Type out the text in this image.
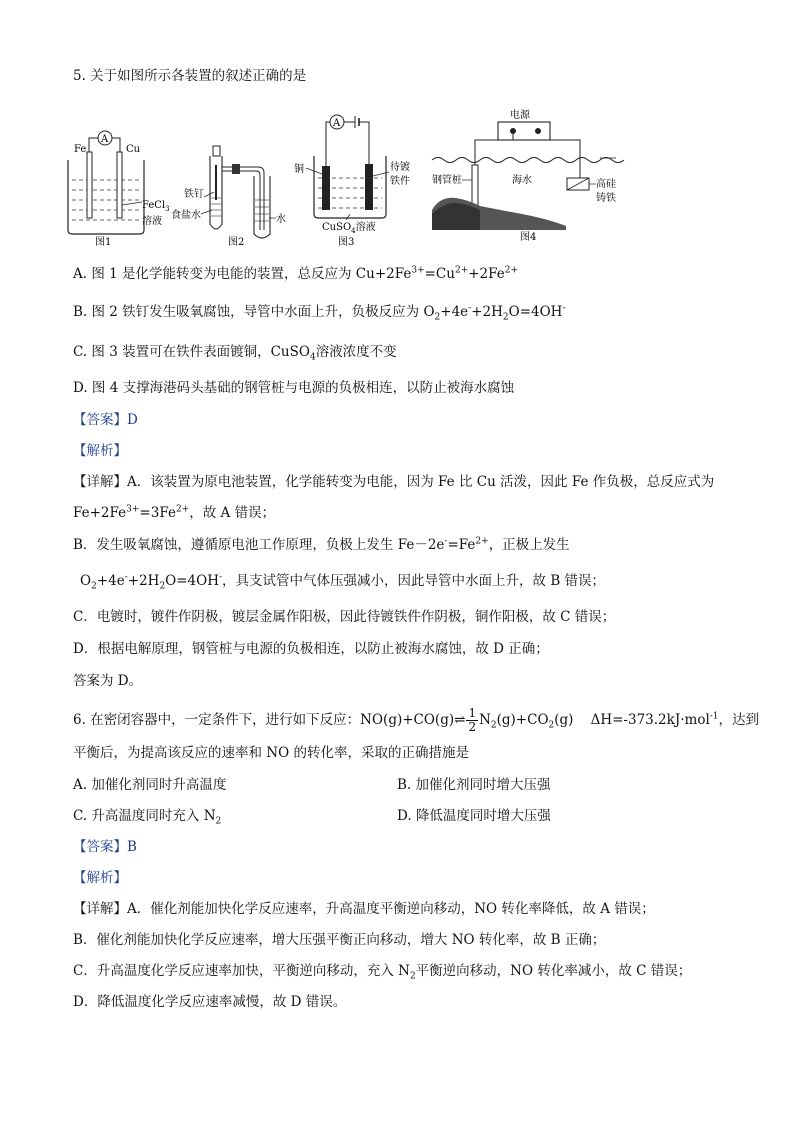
5. 关于如图所示各装置的叙述正确的是
A
Fe	Cu
FeCl$_3$
溶液
图1
铁钉
食盐水	水
图2
A
铜	待镀
铁件
CuSO$_4$溶液
图3
电源
钢管桩	海水	高硅
铸铁
图4
A. 图 1 是化学能转变为电能的装置，总反应为 $Cu+2Fe^{3+}=Cu^{2+}+2Fe^{2+}$
B. 图 2 铁钉发生吸氧腐蚀，导管中水面上升，负极反应为 $O_2+4e^-+2H_2O=4OH^-$
C. 图 3 装置可在铁件表面镀铜，CuSO$_4$溶液浓度不变
D. 图 4 支撑海港码头基础的钢管桩与电源的负极相连，以防止被海水腐蚀
【答案】D
【解析】
【详解】A．该装置为原电池装置，化学能转变为电能，因为 Fe 比 Cu 活泼，因此 Fe 作负极，总反应式为
$Fe+2Fe^{3+}=3Fe^{2+}$，故 A 错误；
B．发生吸氧腐蚀，遵循原电池工作原理，负极上发生 $Fe-2e^-=Fe^{2+}$，正极上发生
$O_2+4e^-+2H_2O=4OH^-$，具支试管中气体压强减小，因此导管中水面上升，故 B 错误；
C．电镀时，镀件作阴极，镀层金属作阳极，因此待镀铁件作阴极，铜作阳极，故 C 错误；
D．根据电解原理，钢管桩与电源的负极相连，以防止被海水腐蚀，故 D 正确；
答案为 D。
6. 在密闭容器中，一定条件下，进行如下反应：NO(g)+CO(g)⇌ $\frac{1}{2} N_2(g)+CO_2(g)$    ΔH=-373.2kJ·mol$^{-1}$，达到
平衡后，为提高该反应的速率和 NO 的转化率，采取的正确措施是
A. 加催化剂同时升高温度	B. 加催化剂同时增大压强
C. 升高温度同时充入 $N_2$	D. 降低温度同时增大压强
【答案】B
【解析】
【详解】A．催化剂能加快化学反应速率，升高温度平衡逆向移动，NO 转化率降低，故 A 错误；
B．催化剂能加快化学反应速率，增大压强平衡正向移动，增大 NO 转化率，故 B 正确；
C．升高温度化学反应速率加快，平衡逆向移动，充入 $N_2$平衡逆向移动，NO 转化率减小，故 C 错误；
D．降低温度化学反应速率减慢，故 D 错误。
